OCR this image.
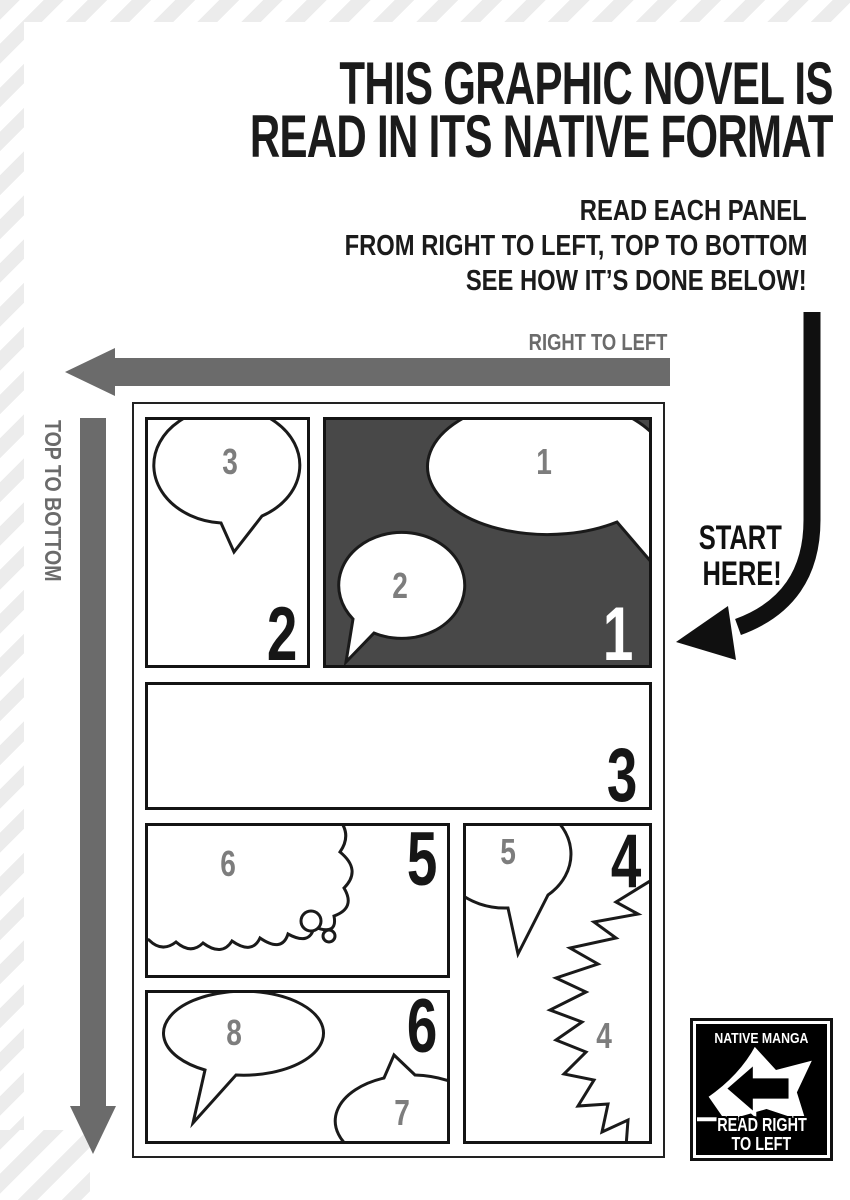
THIS GRAPHIC NOVEL IS
READ IN ITS NATIVE FORMAT
READ EACH PANEL
FROM RIGHT TO LEFT, TOP TO BOTTOM
SEE HOW IT’S DONE BELOW!
RIGHT TO LEFT
TOP TO BOTTOM	START
HERE!
1
2
1
3
2
3
6 5 5
4
4
8
7
6	NATIVE MANGA
READ RIGHT
TO LEFT
